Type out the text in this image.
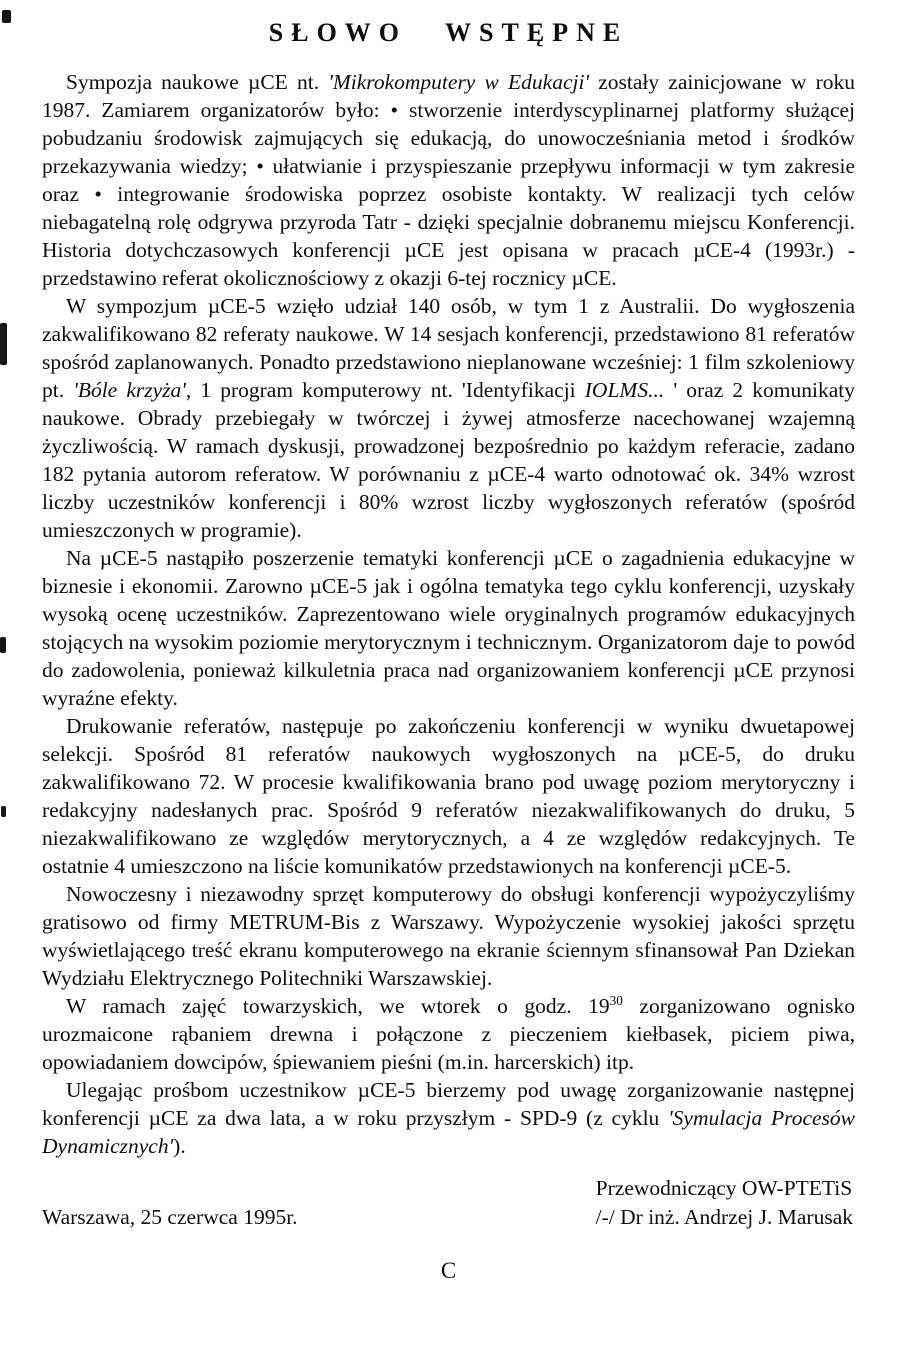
SŁOWO WSTĘPNE

Sympozja naukowe µCE nt. 'Mikrokomputery w Edukacji' zostały zainicjowane w roku 1987. Zamiarem organizatorów było: • stworzenie interdyscyplinarnej platformy służącej pobudzaniu środowisk zajmujących się edukacją, do unowocześniania metod i środków przekazywania wiedzy; • ułatwianie i przyspieszanie przepływu informacji w tym zakresie oraz • integrowanie środowiska poprzez osobiste kontakty. W realizacji tych celów niebagatelną rolę odgrywa przyroda Tatr - dzięki specjalnie dobranemu miejscu Konferencji. Historia dotychczasowych konferencji µCE jest opisana w pracach µCE-4 (1993r.) - przedstawino referat okolicznościowy z okazji 6-tej rocznicy µCE.

W sympozjum µCE-5 wzięło udział 140 osób, w tym 1 z Australii. Do wygłoszenia zakwalifikowano 82 referaty naukowe. W 14 sesjach konferencji, przedstawiono 81 referatów spośród zaplanowanych. Ponadto przedstawiono nieplanowane wcześniej: 1 film szkoleniowy pt. 'Bóle krzyża', 1 program komputerowy nt. 'Identyfikacji IOLMS... ' oraz 2 komunikaty naukowe. Obrady przebiegały w twórczej i żywej atmosferze nacechowanej wzajemną życzliwością. W ramach dyskusji, prowadzonej bezpośrednio po każdym referacie, zadano 182 pytania autorom referatow. W porównaniu z µCE-4 warto odnotować ok. 34% wzrost liczby uczestników konferencji i 80% wzrost liczby wygłoszonych referatów (spośród umieszczonych w programie).

Na µCE-5 nastąpiło poszerzenie tematyki konferencji µCE o zagadnienia edukacyjne w biznesie i ekonomii. Zarowno µCE-5 jak i ogólna tematyka tego cyklu konferencji, uzyskały wysoką ocenę uczestników. Zaprezentowano wiele oryginalnych programów edukacyjnych stojących na wysokim poziomie merytorycznym i technicznym. Organizatorom daje to powód do zadowolenia, ponieważ kilkuletnia praca nad organizowaniem konferencji µCE przynosi wyraźne efekty.

Drukowanie referatów, następuje po zakończeniu konferencji w wyniku dwuetapowej selekcji. Spośród 81 referatów naukowych wygłoszonych na µCE-5, do druku zakwalifikowano 72. W procesie kwalifikowania brano pod uwagę poziom merytoryczny i redakcyjny nadesłanych prac. Spośród 9 referatów niezakwalifikowanych do druku, 5 niezakwalifikowano ze względów merytorycznych, a 4 ze względów redakcyjnych. Te ostatnie 4 umieszczono na liście komunikatów przedstawionych na konferencji µCE-5.

Nowoczesny i niezawodny sprzęt komputerowy do obsługi konferencji wypożyczyliśmy gratisowo od firmy METRUM-Bis z Warszawy. Wypożyczenie wysokiej jakości sprzętu wyświetlającego treść ekranu komputerowego na ekranie ściennym sfinansował Pan Dziekan Wydziału Elektrycznego Politechniki Warszawskiej.

W ramach zajęć towarzyskich, we wtorek o godz. $19^{30}$ zorganizowano ognisko urozmaicone rąbaniem drewna i połączone z pieczeniem kiełbasek, piciem piwa, opowiadaniem dowcipów, śpiewaniem pieśni (m.in. harcerskich) itp.

Ulegając prośbom uczestnikow µCE-5 bierzemy pod uwagę zorganizowanie następnej konferencji µCE za dwa lata, a w roku przyszłym - SPD-9 (z cyklu 'Symulacja Procesów Dynamicznych').

Warszawa, 25 czerwca 1995r.
Przewodniczący OW-PTETiS
/-/ Dr inż. Andrzej J. Marusak
C
